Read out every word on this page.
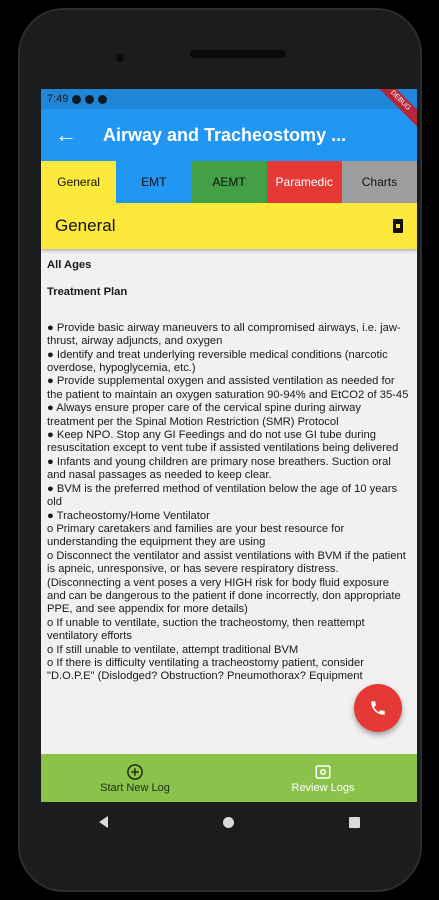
7:49	DEBUG
← Airway and Tracheostomy ...
General	EMT	AEMT	Paramedic	Charts
General
All Ages
Treatment Plan

● Provide basic airway maneuvers to all compromised airways, i.e. jaw-thrust, airway adjuncts, and oxygen

● Identify and treat underlying reversible medical conditions (narcotic overdose, hypoglycemia, etc.)

● Provide supplemental oxygen and assisted ventilation as needed for the patient to maintain an oxygen saturation 90-94% and EtCO2 of 35-45

● Always ensure proper care of the cervical spine during airway treatment per the Spinal Motion Restriction (SMR) Protocol

● Keep NPO. Stop any GI Feedings and do not use GI tube during resuscitation except to vent tube if assisted ventilations being delivered

● Infants and young children are primary nose breathers. Suction oral and nasal passages as needed to keep clear.

● BVM is the preferred method of ventilation below the age of 10 years old

● Tracheostomy/Home Ventilator

o Primary caretakers and families are your best resource for understanding the equipment they are using

o Disconnect the ventilator and assist ventilations with BVM if the patient is apneic, unresponsive, or has severe respiratory distress. (Disconnecting a vent poses a very HIGH risk for body fluid exposure and can be dangerous to the patient if done incorrectly, don appropriate PPE, and see appendix for more details)

o If unable to ventilate, suction the tracheostomy, then reattempt ventilatory efforts

o If still unable to ventilate, attempt traditional BVM

o If there is difficulty ventilating a tracheostomy patient, consider "D.O.P.E" (Dislodged? Obstruction? Pneumothorax? Equipment

Start New Log	Review Logs
